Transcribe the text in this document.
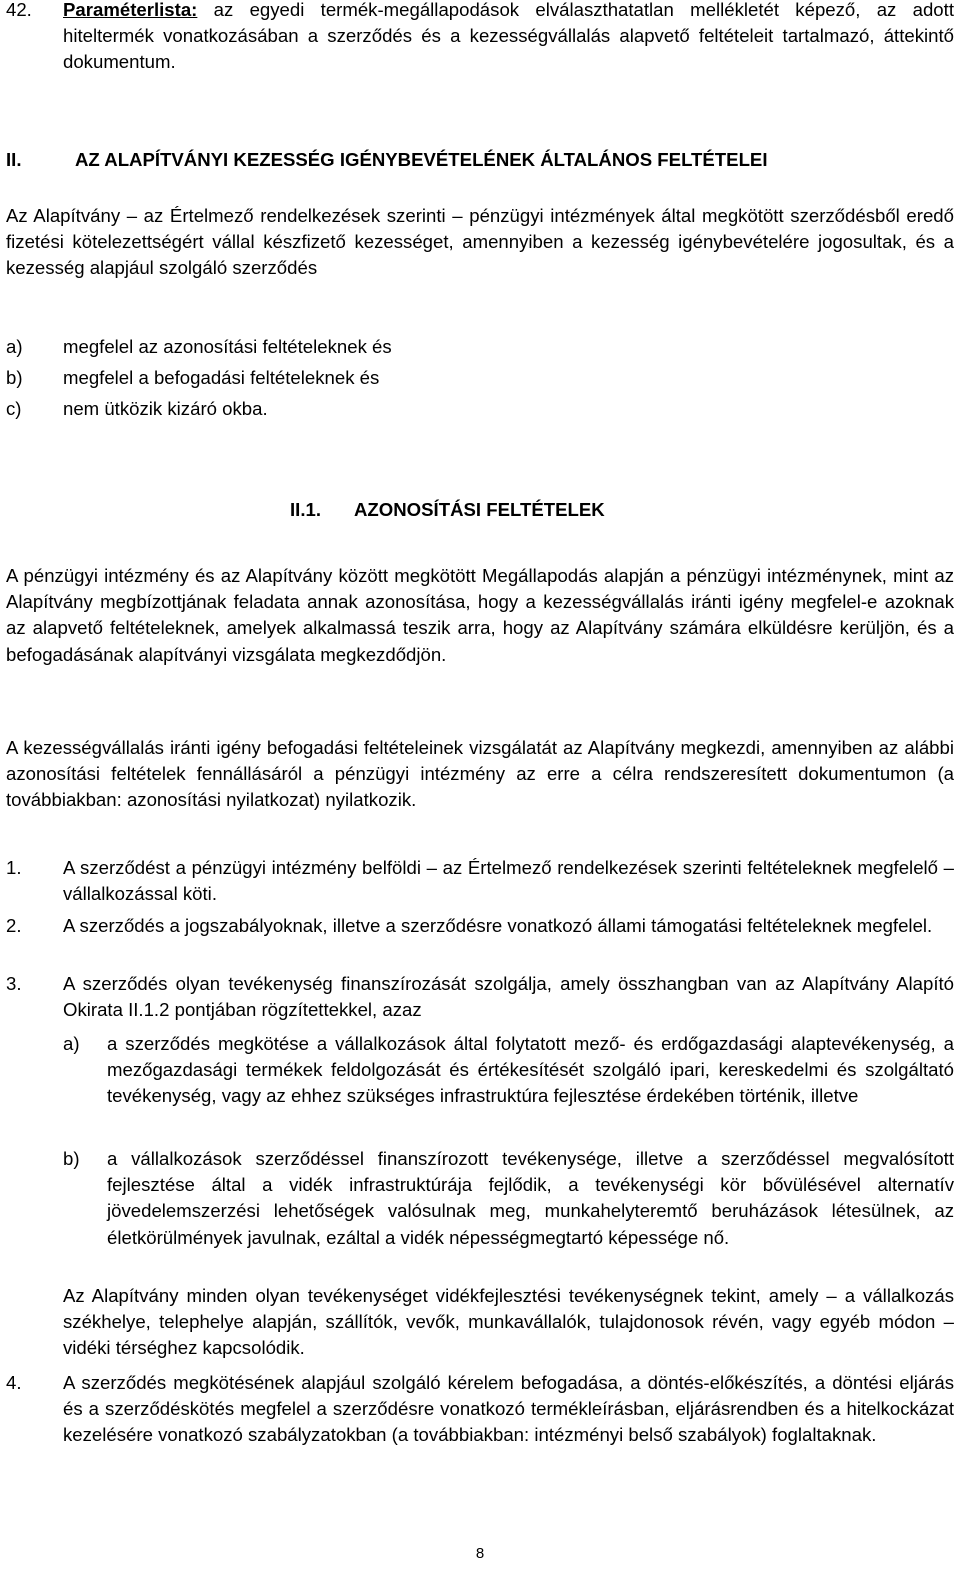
42. Paraméterlista: az egyedi termék-megállapodások elválaszthatatlan mellékletét képező, az adott hiteltermék vonatkozásában a szerződés és a kezességvállalás alapvető feltételeit tartalmazó, áttekintő dokumentum.
II.	AZ ALAPÍTVÁNYI KEZESSÉG IGÉNYBEVÉTELÉNEK ÁLTALÁNOS FELTÉTELEI

Az Alapítvány – az Értelmező rendelkezések szerinti – pénzügyi intézmények által megkötött szerződésből eredő fizetési kötelezettségért vállal készfizető kezességet, amennyiben a kezesség igénybevételére jogosultak, és a kezesség alapjául szolgáló szerződés

a) megfelel az azonosítási feltételeknek és
b) megfelel a befogadási feltételeknek és
c) nem ütközik kizáró okba.
II.1. AZONOSÍTÁSI FELTÉTELEK

A pénzügyi intézmény és az Alapítvány között megkötött Megállapodás alapján a pénzügyi intézménynek, mint az Alapítvány megbízottjának feladata annak azonosítása, hogy a kezességvállalás iránti igény megfelel-e azoknak az alapvető feltételeknek, amelyek alkalmassá teszik arra, hogy az Alapítvány számára elküldésre kerüljön, és a befogadásának alapítványi vizsgálata megkezdődjön.

A kezességvállalás iránti igény befogadási feltételeinek vizsgálatát az Alapítvány megkezdi, amennyiben az alábbi azonosítási feltételek fennállásáról a pénzügyi intézmény az erre a célra rendszeresített dokumentumon (a továbbiakban: azonosítási nyilatkozat) nyilatkozik.

1. A szerződést a pénzügyi intézmény belföldi – az Értelmező rendelkezések szerinti feltételeknek megfelelő – vállalkozással köti.
2. A szerződés a jogszabályoknak, illetve a szerződésre vonatkozó állami támogatási feltételeknek megfelel.
3. A szerződés olyan tevékenység finanszírozását szolgálja, amely összhangban van az Alapítvány Alapító Okirata II.1.2 pontjában rögzítettekkel, azaz
a) a szerződés megkötése a vállalkozások által folytatott mező- és erdőgazdasági alaptevékenység, a mezőgazdasági termékek feldolgozását és értékesítését szolgáló ipari, kereskedelmi és szolgáltató tevékenység, vagy az ehhez szükséges infrastruktúra fejlesztése érdekében történik, illetve
b) a vállalkozások szerződéssel finanszírozott tevékenysége, illetve a szerződéssel megvalósított fejlesztése által a vidék infrastruktúrája fejlődik, a tevékenységi kör bővülésével alternatív jövedelemszerzési lehetőségek valósulnak meg, munkahelyteremtő beruházások létesülnek, az életkörülmények javulnak, ezáltal a vidék népességmegtartó képessége nő.
Az Alapítvány minden olyan tevékenységet vidékfejlesztési tevékenységnek tekint, amely – a vállalkozás székhelye, telephelye alapján, szállítók, vevők, munkavállalók, tulajdonosok révén, vagy egyéb módon – vidéki térséghez kapcsolódik.
4. A szerződés megkötésének alapjául szolgáló kérelem befogadása, a döntés-előkészítés, a döntési eljárás és a szerződéskötés megfelel a szerződésre vonatkozó termékleírásban, eljárásrendben és a hitelkockázat kezelésére vonatkozó szabályzatokban (a továbbiakban: intézményi belső szabályok) foglaltaknak.
8
